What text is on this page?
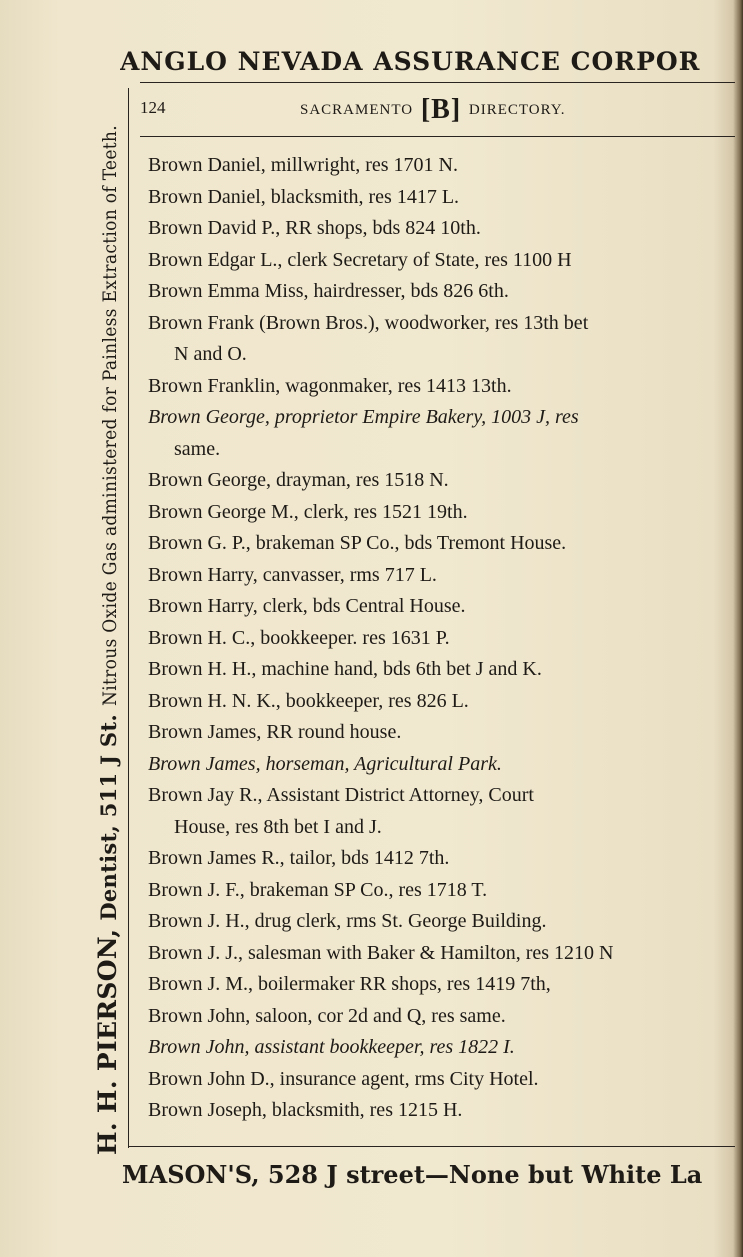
ANGLO NEVADA ASSURANCE CORPOR
124	SACRAMENTO [B] DIRECTORY.
H. H. PIERSON, Dentist, 511 J St. Nitrous Oxide Gas administered for Painless Extraction of Teeth.	Brown Daniel, millwright, res 1701 N.
Brown Daniel, blacksmith, res 1417 L.
Brown David P., RR shops, bds 824 10th.
Brown Edgar L., clerk Secretary of State, res 1100 H
Brown Emma Miss, hairdresser, bds 826 6th.
Brown Frank (Brown Bros.), woodworker, res 13th bet
N and O.
Brown Franklin, wagonmaker, res 1413 13th.
Brown George, proprietor Empire Bakery, 1003 J, res
same.
Brown George, drayman, res 1518 N.
Brown George M., clerk, res 1521 19th.
Brown G. P., brakeman SP Co., bds Tremont House.
Brown Harry, canvasser, rms 717 L.
Brown Harry, clerk, bds Central House.
Brown H. C., bookkeeper. res 1631 P.
Brown H. H., machine hand, bds 6th bet J and K.
Brown H. N. K., bookkeeper, res 826 L.
Brown James, RR round house.
Brown James, horseman, Agricultural Park.
Brown Jay R., Assistant District Attorney, Court
House, res 8th bet I and J.
Brown James R., tailor, bds 1412 7th.
Brown J. F., brakeman SP Co., res 1718 T.
Brown J. H., drug clerk, rms St. George Building.
Brown J. J., salesman with Baker & Hamilton, res 1210 N
Brown J. M., boilermaker RR shops, res 1419 7th,
Brown John, saloon, cor 2d and Q, res same.
Brown John, assistant bookkeeper, res 1822 I.
Brown John D., insurance agent, rms City Hotel.
Brown Joseph, blacksmith, res 1215 H.
MASON'S, 528 J street—None but White La
